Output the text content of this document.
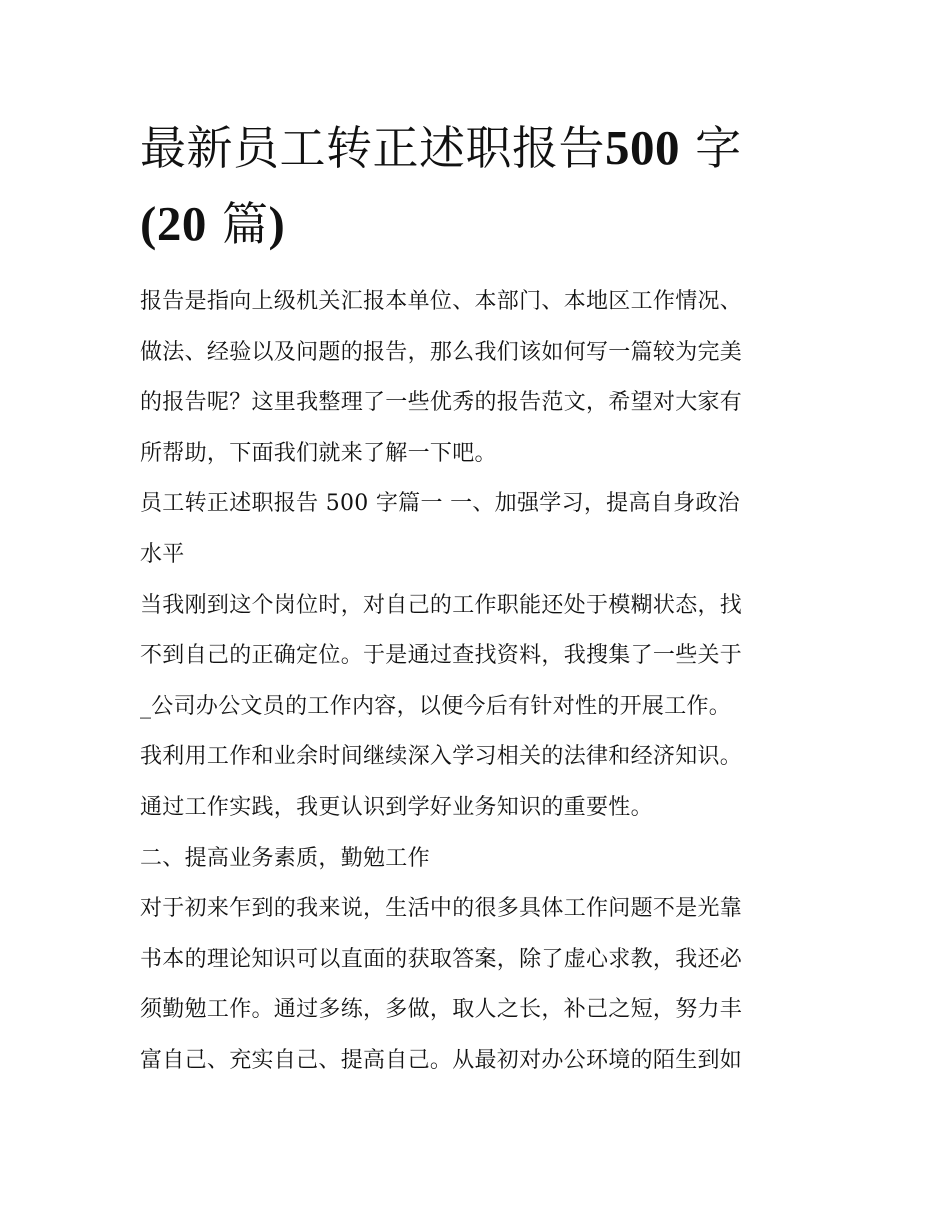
最新员工转正述职报告500 字
(20 篇)

报告是指向上级机关汇报本单位、本部门、本地区工作情况、
做法、经验以及问题的报告，那么我们该如何写一篇较为完美
的报告呢？这里我整理了一些优秀的报告范文，希望对大家有
所帮助，下面我们就来了解一下吧。

员工转正述职报告 500 字篇一 一、加强学习，提高自身政治
水平

当我刚到这个岗位时，对自己的工作职能还处于模糊状态，找
不到自己的正确定位。于是通过查找资料，我搜集了一些关于
_公司办公文员的工作内容，以便今后有针对性的开展工作。
我利用工作和业余时间继续深入学习相关的法律和经济知识。
通过工作实践，我更认识到学好业务知识的重要性。

二、提高业务素质，勤勉工作

对于初来乍到的我来说，生活中的很多具体工作问题不是光靠
书本的理论知识可以直面的获取答案，除了虚心求教，我还必
须勤勉工作。通过多练，多做，取人之长，补己之短，努力丰
富自己、充实自己、提高自己。从最初对办公环境的陌生到如
